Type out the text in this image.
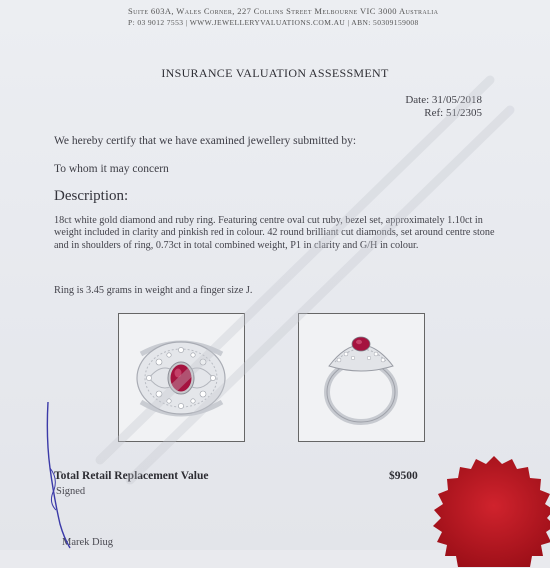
Suite 603A, Wales Corner, 227 Collins Street Melbourne VIC 3000 Australia
P: 03 9012 7553 | WWW.JEWELLERYVALUATIONS.COM.AU | ABN: 50309159008
INSURANCE VALUATION ASSESSMENT
Date: 31/05/2018
Ref: 51/2305
We hereby certify that we have examined jewellery submitted by:
To whom it may concern
Description:
18ct white gold diamond and ruby ring. Featuring centre oval cut ruby, bezel set, approximately 1.10ct in weight included in clarity and pinkish red in colour. 42 round brilliant cut diamonds, set around centre stone and in shoulders of ring, 0.73ct in total combined weight, P1 in clarity and G/H in colour.
Ring is 3.45 grams in weight and a finger size J.
Total Retail Replacement Value	$9500
Signed
Marek Diug
